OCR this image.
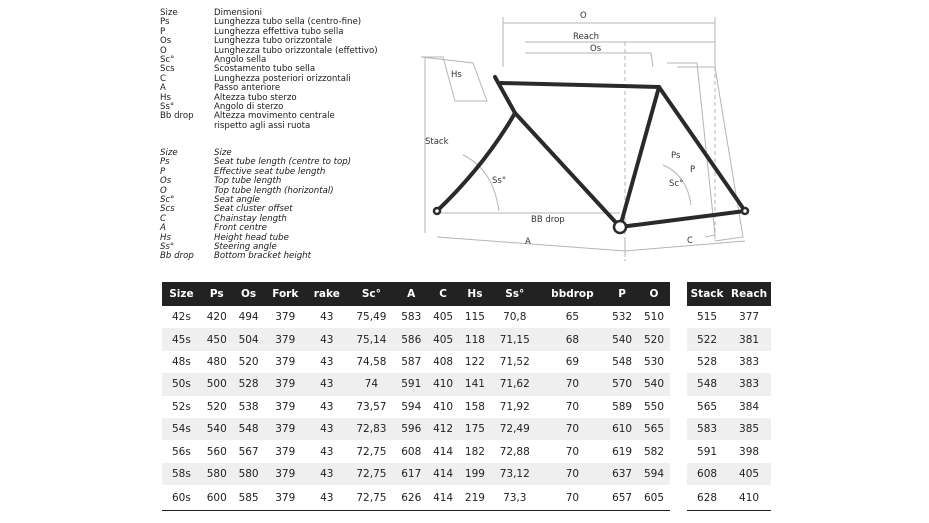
Size	Dimensioni
Ps	Lunghezza tubo sella (centro-fine)
P	Lunghezza effettiva tubo sella
Os	Lunghezza tubo orizzontale
O	Lunghezza tubo orizzontale (effettivo)
Sc°	Angolo sella
Scs	Scostamento tubo sella
C	Lunghezza posteriori orizzontali
A	Passo anteriore
Hs	Altezza tubo sterzo
Ss°	Angolo di sterzo
Bb drop	Altezza movimento centrale
rispetto agli assi ruota
Size	Size
Ps	Seat tube length (centre to top)
P	Effective seat tube length
Os	Top tube length
O	Top tube length (horizontal)
Sc°	Seat angle
Scs	Seat cluster offset
C	Chainstay length
A	Front centre
Hs	Height head tube
Ss°	Steering angle
Bb drop	Bottom bracket height
O
Reach
Os
Hs
Stack
Ss°
Ps
Sc°
P
BB drop
A	C
Size	Ps	Os	Fork	rake	Sc°	A	C	Hs	Ss°	bbdrop	P	O
42s	420	494	379	43	75,49	583	405	115	70,8	65	532	510
45s	450	504	379	43	75,14	586	405	118	71,15	68	540	520
48s	480	520	379	43	74,58	587	408	122	71,52	69	548	530
50s	500	528	379	43	74	591	410	141	71,62	70	570	540
52s	520	538	379	43	73,57	594	410	158	71,92	70	589	550
54s	540	548	379	43	72,83	596	412	175	72,49	70	610	565
56s	560	567	379	43	72,75	608	414	182	72,88	70	619	582
58s	580	580	379	43	72,75	617	414	199	73,12	70	637	594
60s	600	585	379	43	72,75	626	414	219	73,3	70	657	605
Stack	Reach
515	377
522	381
528	383
548	383
565	384
583	385
591	398
608	405
628	410
